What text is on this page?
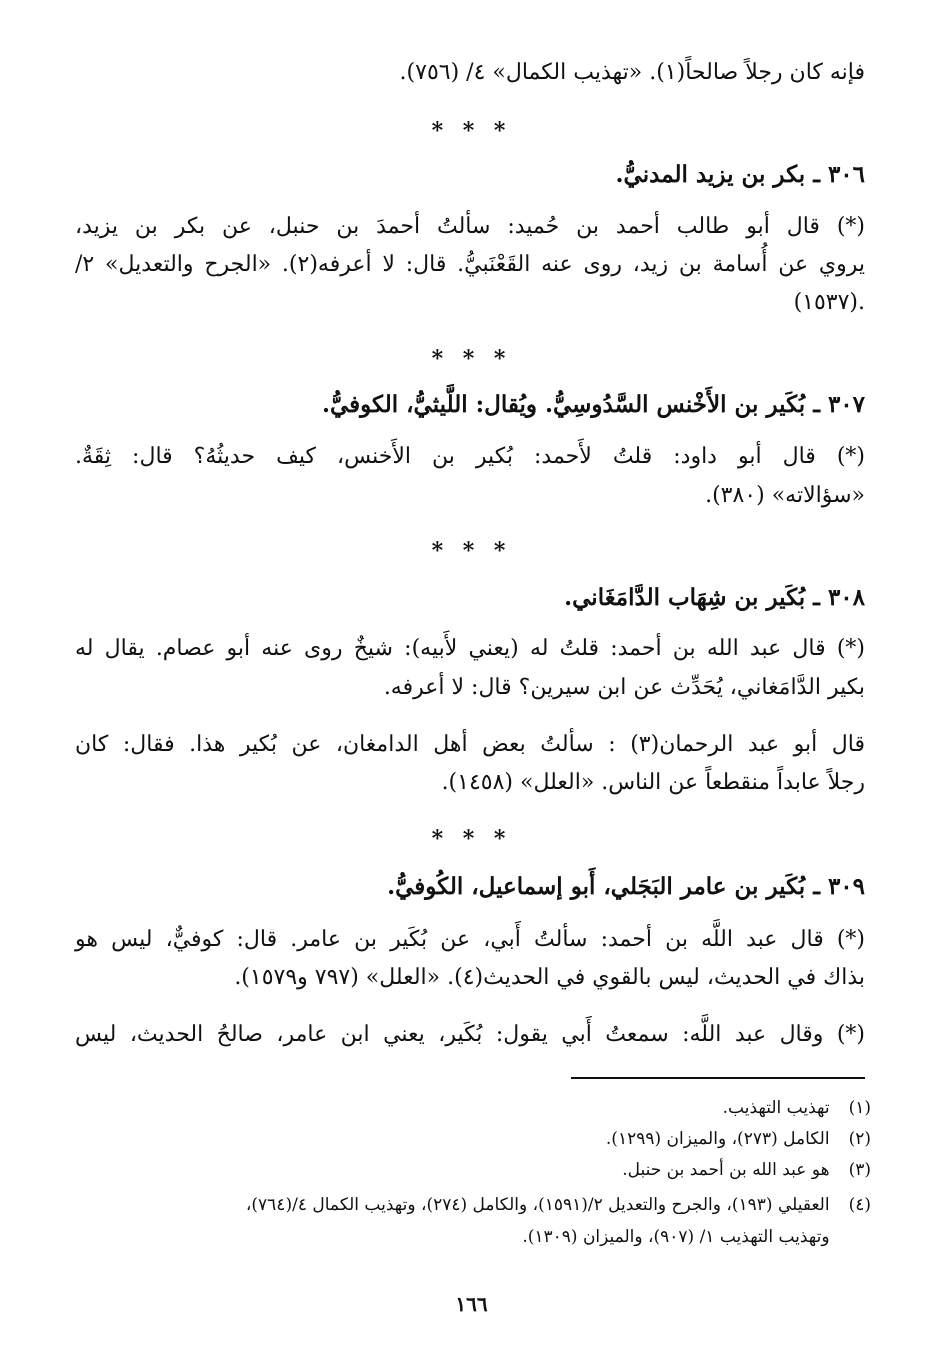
فإنه كان رجلاً صالحاً(١). «تهذيب الكمال» ٤/ (٧٥٦).
* * *
٣٠٦ ـ بكر بن يزيد المدنيُّ.
(*) قال أبو طالب أحمد بن حُميد: سألتُ أحمدَ بن حنبل، عن بكر بن يزيد،
يروي عن أُسامة بن زيد، روى عنه القَعْنَبيُّ. قال: لا أعرفه(٢). «الجرح والتعديل» ٢/
.(١٥٣٧)
* * *
٣٠٧ ـ بُكَير بن الأَخْنس السَّدُوسِيُّ. ويُقال: اللَّيثيُّ، الكوفيُّ.
(*) قال أبو داود: قلتُ لأَحمد: بُكير بن الأَخنس، كيف حديثُهُ؟ قال: ثِقَةٌ.
«سؤالاته» (٣٨٠).
* * *
٣٠٨ ـ بُكَير بن شِهَاب الدَّامَغَاني.
(*) قال عبد الله بن أحمد: قلتُ له (يعني لأَبيه): شيخٌ روى عنه أبو عصام. يقال له
بكير الدَّامَغاني، يُحَدِّث عن ابن سيرين؟ قال: لا أعرفه.
قال أبو عبد الرحمان(٣) : سألتُ بعض أهل الدامغان، عن بُكير هذا. فقال: كان
رجلاً عابداً منقطعاً عن الناس. «العلل» (١٤٥٨).
* * *
٣٠٩ ـ بُكَير بن عامر البَجَلي، أَبو إسماعيل، الكُوفيُّ.
(*) قال عبد اللَّه بن أحمد: سألتُ أَبي، عن بُكَير بن عامر. قال: كوفيٌّ، ليس هو
بذاك في الحديث، ليس بالقوي في الحديث(٤). «العلل» (٧٩٧ و١٥٧٩).
(*) وقال عبد اللَّه: سمعتُ أَبي يقول: بُكَير، يعني ابن عامر، صالحُ الحديث، ليس
(١) تهذيب التهذيب.
(٢) الكامل (٢٧٣)، والميزان (١٢٩٩).
(٣) هو عبد الله بن أحمد بن حنبل.
(٤) العقيلي (١٩٣)، والجرح والتعديل ٢/(١٥٩١)، والكامل (٢٧٤)، وتهذيب الكمال ٤/(٧٦٤)،
وتهذيب التهذيب ١/ (٩٠٧)، والميزان (١٣٠٩).
١٦٦
